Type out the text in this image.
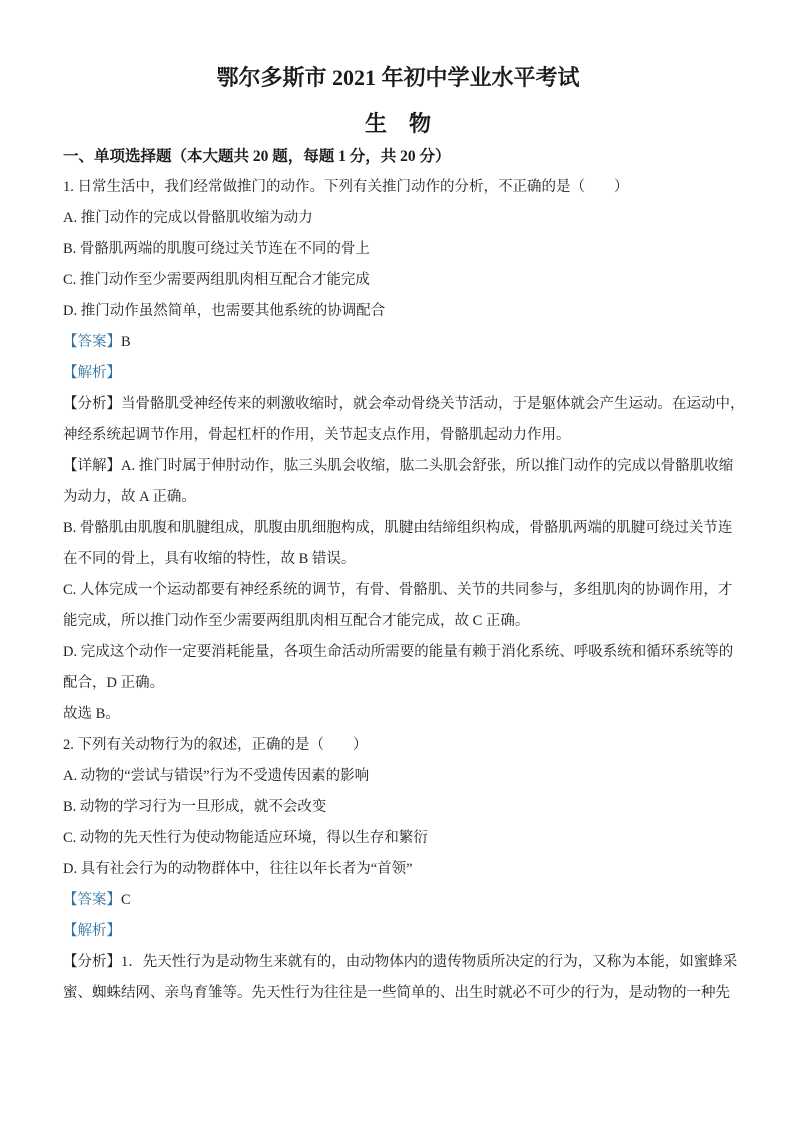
鄂尔多斯市 2021 年初中学业水平考试
生　物
一、单项选择题（本大题共 20 题，每题 1 分，共 20 分）
1. 日常生活中，我们经常做推门的动作。下列有关推门动作的分析，不正确的是（　　）
A. 推门动作的完成以骨骼肌收缩为动力
B. 骨骼肌两端的肌腹可绕过关节连在不同的骨上
C. 推门动作至少需要两组肌肉相互配合才能完成
D. 推门动作虽然简单，也需要其他系统的协调配合
【答案】B
【解析】
【分析】当骨骼肌受神经传来的刺激收缩时，就会牵动骨绕关节活动，于是躯体就会产生运动。在运动中，
神经系统起调节作用，骨起杠杆的作用，关节起支点作用，骨骼肌起动力作用。
【详解】A. 推门时属于伸肘动作，肱三头肌会收缩，肱二头肌会舒张，所以推门动作的完成以骨骼肌收缩
为动力，故 A 正确。
B. 骨骼肌由肌腹和肌腱组成，肌腹由肌细胞构成，肌腱由结缔组织构成，骨骼肌两端的肌腱可绕过关节连
在不同的骨上，具有收缩的特性，故 B 错误。
C. 人体完成一个运动都要有神经系统的调节，有骨、骨骼肌、关节的共同参与，多组肌肉的协调作用，才
能完成，所以推门动作至少需要两组肌肉相互配合才能完成，故 C 正确。
D. 完成这个动作一定要消耗能量，各项生命活动所需要的能量有赖于消化系统、呼吸系统和循环系统等的
配合，D 正确。
故选 B。
2. 下列有关动物行为的叙述，正确的是（　　）
A. 动物的“尝试与错误”行为不受遗传因素的影响
B. 动物的学习行为一旦形成，就不会改变
C. 动物的先天性行为使动物能适应环境，得以生存和繁衍
D. 具有社会行为的动物群体中，往往以年长者为“首领”
【答案】C
【解析】
【分析】1．先天性行为是动物生来就有的，由动物体内的遗传物质所决定的行为，又称为本能，如蜜蜂采
蜜、蜘蛛结网、亲鸟育雏等。先天性行为往往是一些简单的、出生时就必不可少的行为，是动物的一种先
